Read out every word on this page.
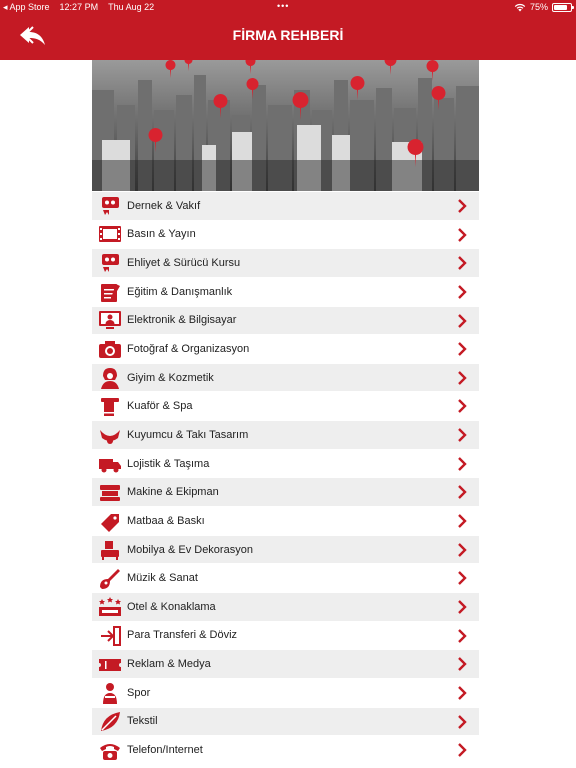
◂ App Store 12:27 PM Thu Aug 22	•••	75%
FİRMA REHBERİ
Dernek & Vakıf
Basın & Yayın
Ehliyet & Sürücü Kursu
Eğitim & Danışmanlık
Elektronik & Bilgisayar
Fotoğraf & Organizasyon
Giyim & Kozmetik
Kuaför & Spa
Kuyumcu & Takı Tasarım
Lojistik & Taşıma
Makine & Ekipman
Matbaa & Baskı
Mobilya & Ev Dekorasyon
Müzik & Sanat
Otel & Konaklama
Para Transferi & Döviz
Reklam & Medya
Spor
Tekstil
Telefon/Internet
